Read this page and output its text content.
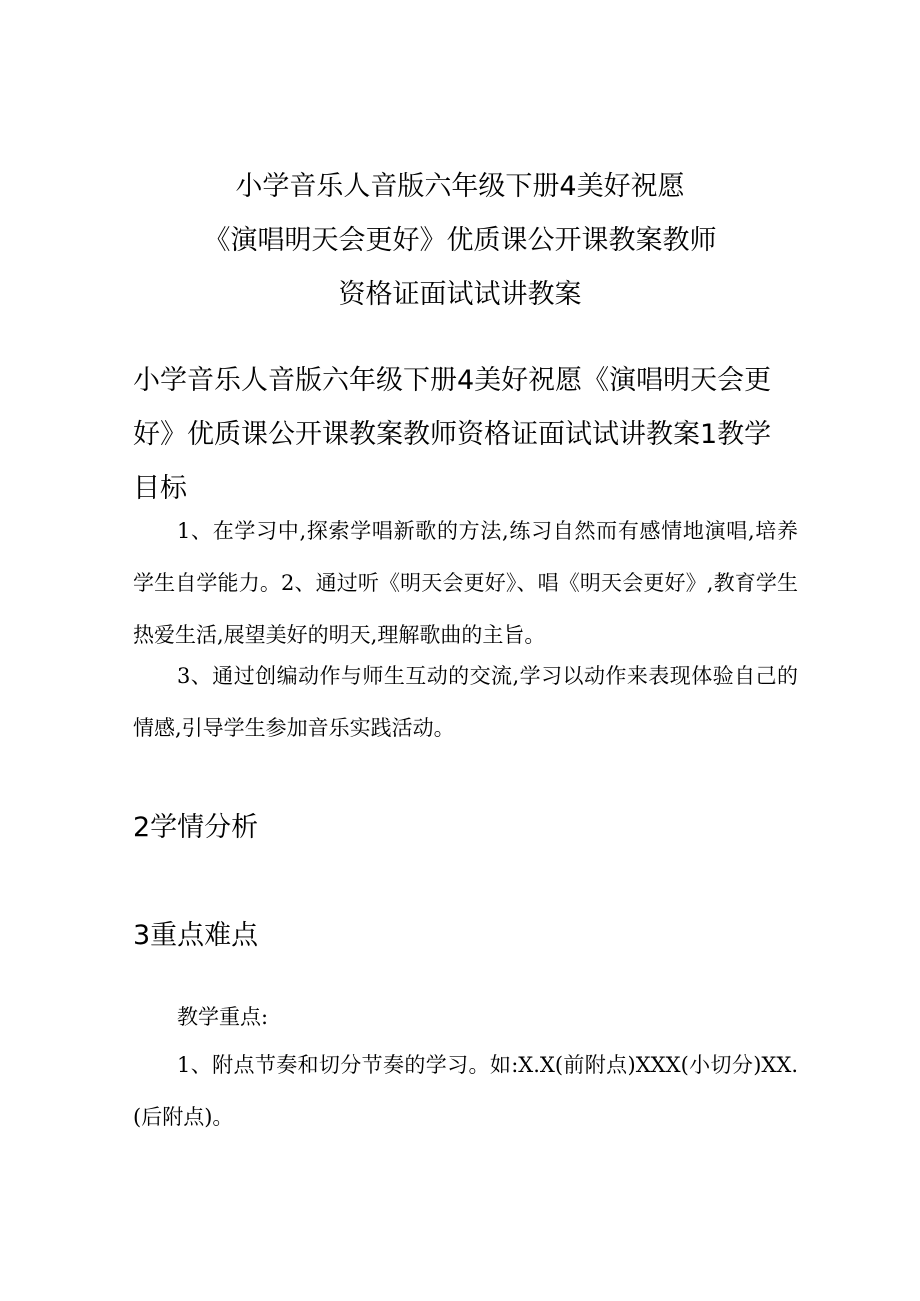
小学音乐人音版六年级下册4美好祝愿
《演唱明天会更好》优质课公开课教案教师
资格证面试试讲教案
小学音乐人音版六年级下册4美好祝愿《演唱明天会更好》优质课公开课教案教师资格证面试试讲教案1教学目标

1、在学习中,探索学唱新歌的方法,练习自然而有感情地演唱,培养学生自学能力。2、通过听《明天会更好》、唱《明天会更好》,教育学生热爱生活,展望美好的明天,理解歌曲的主旨。

3、通过创编动作与师生互动的交流,学习以动作来表现体验自己的情感,引导学生参加音乐实践活动。

2学情分析
3重点难点

教学重点:

1、附点节奏和切分节奏的学习。如:X.X(前附点)XXX(小切分)XX.(后附点)。
